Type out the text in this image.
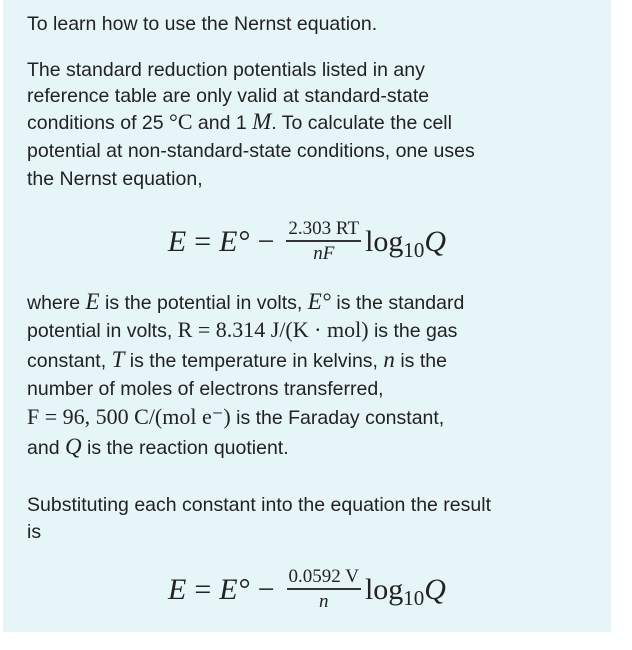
To learn how to use the Nernst equation.
The standard reduction potentials listed in any
reference table are only valid at standard-state
conditions of 25 °C and 1 M. To calculate the cell
potential at non-standard-state conditions, one uses
the Nernst equation,
$E = E^\circ - \frac{2.303 RT}{nF}$ log 10 Q
where E is the potential in volts, E° is the standard
potential in volts, R = 8.314 J/(K · mol) is the gas
constant, T is the temperature in kelvins, n is the
number of moles of electrons transferred,
F = 96, 500 C/(mol e⁻) is the Faraday constant,
and Q is the reaction quotient.
Substituting each constant into the equation the result
is
$E = E^\circ - \frac{0.0592 V}{n}$ log 10 Q
